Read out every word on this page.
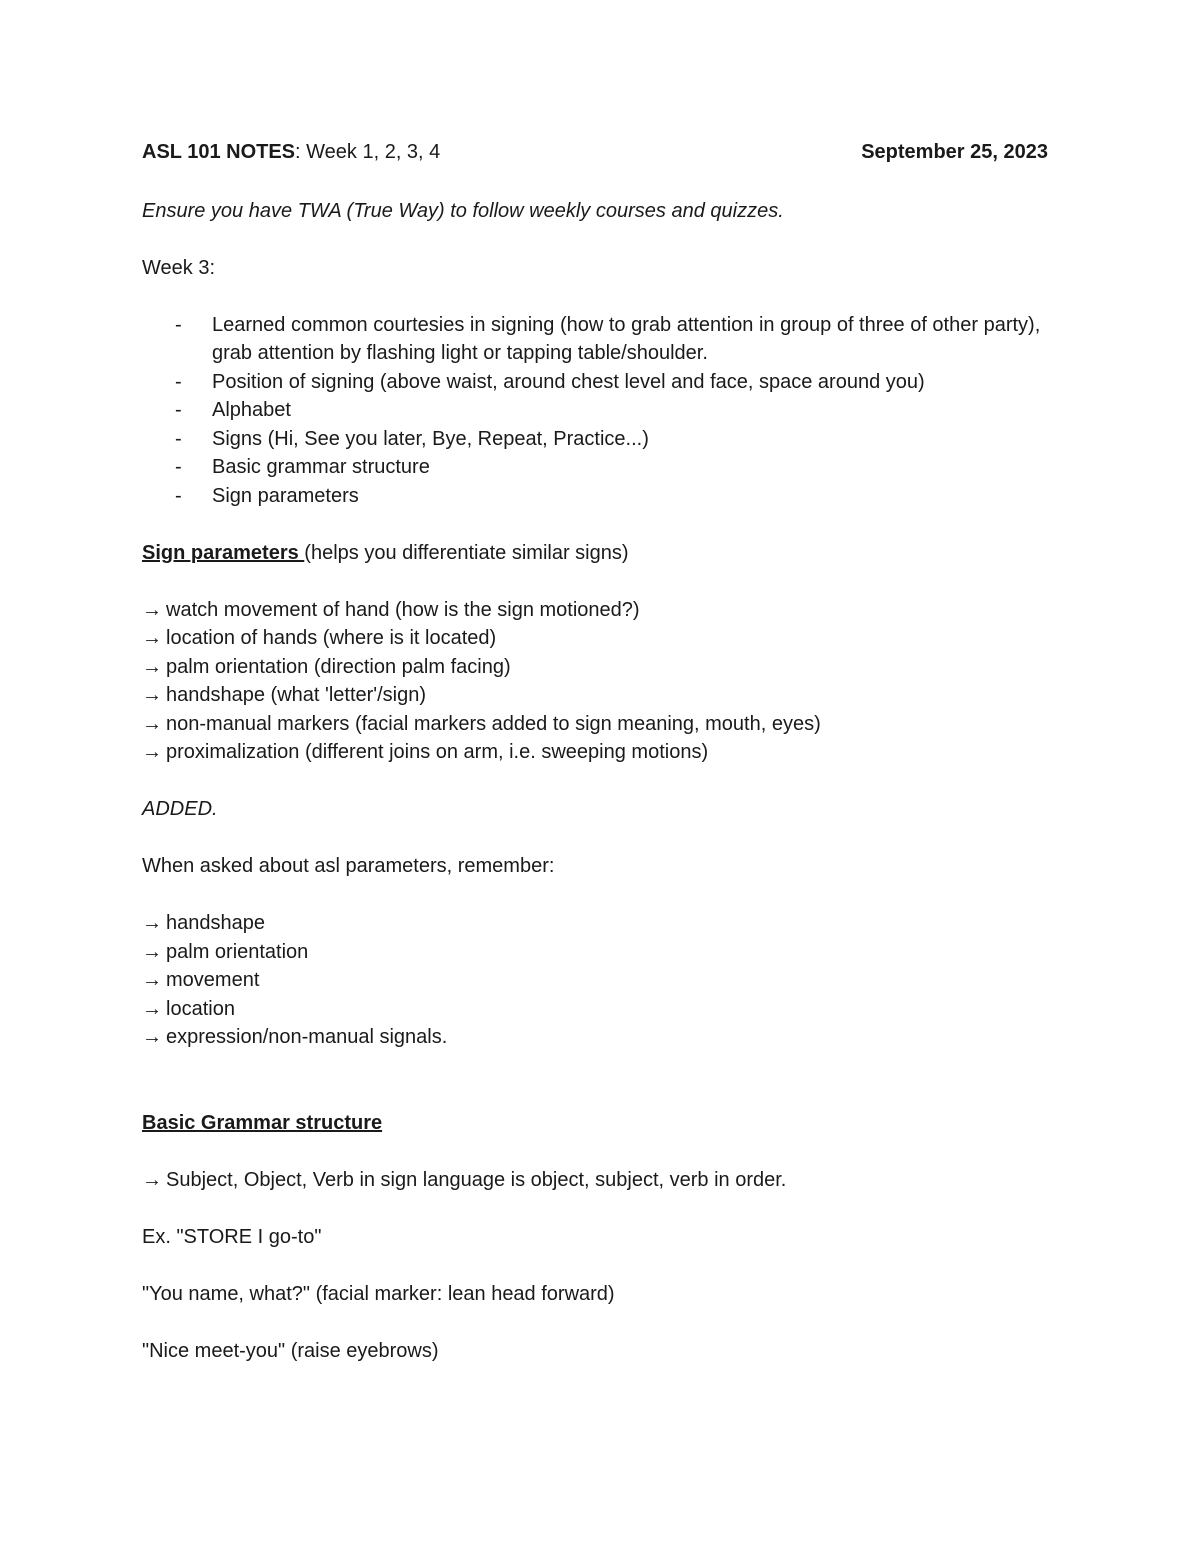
ASL 101 NOTES: Week 1, 2, 3, 4	September 25, 2023

Ensure you have TWA (True Way) to follow weekly courses and quizzes.

Week 3:

- Learned common courtesies in signing (how to grab attention in group of three of other party), grab attention by flashing light or tapping table/shoulder.
- Position of signing (above waist, around chest level and face, space around you)
- Alphabet
- Signs (Hi, See you later, Bye, Repeat, Practice...)
- Basic grammar structure
- Sign parameters

Sign parameters (helps you differentiate similar signs)

→ watch movement of hand (how is the sign motioned?)

→ location of hands (where is it located)

→ palm orientation (direction palm facing)

→ handshape (what 'letter'/sign)

→ non-manual markers (facial markers added to sign meaning, mouth, eyes)

→ proximalization (different joins on arm, i.e. sweeping motions)

ADDED.

When asked about asl parameters, remember:

→ handshape

→ palm orientation

→ movement

→ location

→ expression/non-manual signals.

Basic Grammar structure

→ Subject, Object, Verb in sign language is object, subject, verb in order.

Ex. "STORE I go-to"

"You name, what?" (facial marker: lean head forward)

"Nice meet-you" (raise eyebrows)
